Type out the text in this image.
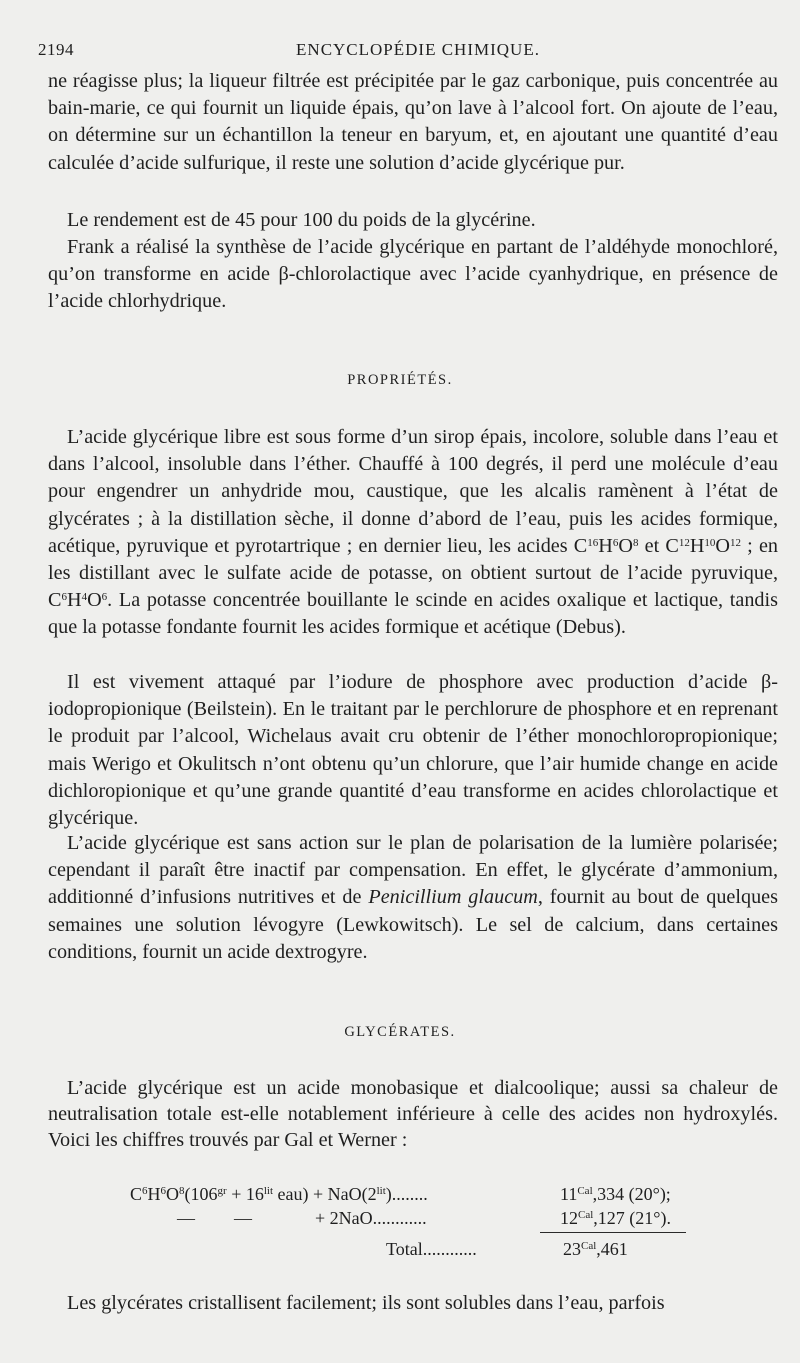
2194	ENCYCLOPÉDIE CHIMIQUE.
ne réagisse plus; la liqueur filtrée est précipitée par le gaz carbonique, puis concentrée au bain-marie, ce qui fournit un liquide épais, qu’on lave à l’alcool fort. On ajoute de l’eau, on détermine sur un échantillon la teneur en baryum, et, en ajoutant une quantité d’eau calculée d’acide sulfurique, il reste une solution d’acide glycérique pur.
Le rendement est de 45 pour 100 du poids de la glycérine.
Frank a réalisé la synthèse de l’acide glycérique en partant de l’aldéhyde monochloré, qu’on transforme en acide β-chlorolactique avec l’acide cyanhydrique, en présence de l’acide chlorhydrique.
PROPRIÉTÉS.
L’acide glycérique libre est sous forme d’un sirop épais, incolore, soluble dans l’eau et dans l’alcool, insoluble dans l’éther. Chauffé à 100 degrés, il perd une molécule d’eau pour engendrer un anhydride mou, caustique, que les alcalis ramènent à l’état de glycérates ; à la distillation sèche, il donne d’abord de l’eau, puis les acides formique, acétique, pyruvique et pyrotartrique ; en dernier lieu, les acides $C^{16}H^6O^8$ et $C^{12}H^{10}O^{12}$ ; en les distillant avec le sulfate acide de potasse, on obtient surtout de l’acide pyruvique, $C^6H^4O^6$. La potasse concentrée bouillante le scinde en acides oxalique et lactique, tandis que la potasse fondante fournit les acides formique et acétique (Debus).
Il est vivement attaqué par l’iodure de phosphore avec production d’acide β-iodopropionique (Beilstein). En le traitant par le perchlorure de phosphore et en reprenant le produit par l’alcool, Wichelaus avait cru obtenir de l’éther monochloropropionique; mais Werigo et Okulitsch n’ont obtenu qu’un chlorure, que l’air humide change en acide dichloropionique et qu’une grande quantité d’eau transforme en acides chlorolactique et glycérique.
L’acide glycérique est sans action sur le plan de polarisation de la lumière polarisée; cependant il paraît être inactif par compensation. En effet, le glycérate d’ammonium, additionné d’infusions nutritives et de Penicillium glaucum, fournit au bout de quelques semaines une solution lévogyre (Lewkowitsch). Le sel de calcium, dans certaines conditions, fournit un acide dextrogyre.
GLYCÉRATES.
L’acide glycérique est un acide monobasique et dialcoolique; aussi sa chaleur de neutralisation totale est-elle notablement inférieure à celle des acides non hydroxylés. Voici les chiffres trouvés par Gal et Werner :
$C^6H^6O^8(106^{gr} + 16^{lit}$ $eau) + NaO(2^{lit})$........	$11^{Cal},334$ (20°);
— —	+ 2NaO............	$12^{Cal},127$ (21°).
Total............	$23^{Cal},461$
Les glycérates cristallisent facilement; ils sont solubles dans l’eau, parfois
